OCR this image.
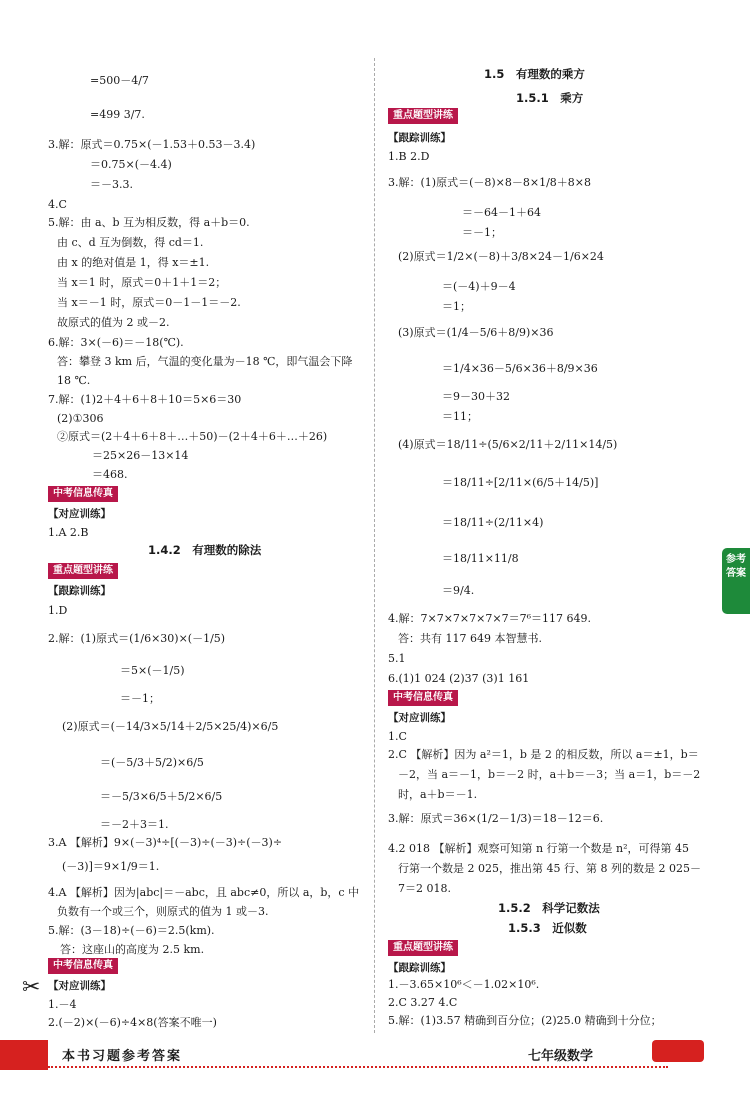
=500－4/7
=499 3/7.
3.解：原式＝0.75×(－1.53＋0.53－3.4)
＝0.75×(－4.4)
＝－3.3.
4.C
5.解：由 a、b 互为相反数，得 a＋b＝0.
由 c、d 互为倒数，得 cd＝1.
由 x 的绝对值是 1，得 x＝±1.
当 x＝1 时，原式＝0＋1＋1＝2；
当 x＝－1 时，原式＝0－1－1＝－2.
故原式的值为 2 或－2.
6.解：3×(－6)＝－18(℃).
答：攀登 3 km 后，气温的变化量为－18 ℃，即气温会下降
18 ℃.
7.解：(1)2＋4＋6＋8＋10＝5×6＝30
(2)①306
②原式＝(2＋4＋6＋8＋…＋50)－(2＋4＋6＋…＋26)
＝25×26－13×14
＝468.
1.A 2.B
1.D
2.解：(1)原式＝(1/6×30)×(－1/5)
＝5×(－1/5)
＝－1；
(2)原式＝(－14/3×5/14＋2/5×25/4)×6/5
＝(－5/3＋5/2)×6/5
＝－5/3×6/5＋5/2×6/5
＝－2＋3＝1.
3.A 【解析】9×(－3)⁴÷[(－3)÷(－3)÷(－3)÷
(－3)]＝9×1/9＝1.
4.A 【解析】因为|abc|＝－abc，且 abc≠0，所以 a，b，c 中
负数有一个或三个，则原式的值为 1 或－3.
5.解：(3－18)÷(－6)＝2.5(km).
答：这座山的高度为 2.5 km.
1.－4
2.(－2)×(－6)÷4×8(答案不唯一)
中考信息传真
【对应训练】
1.4.2　有理数的除法
重点题型讲练
【跟踪训练】
中考信息传真
【对应训练】
1.B 2.D
3.解：(1)原式＝(－8)×8－8×1/8＋8×8
＝－64－1＋64
＝－1；
(2)原式＝1/2×(－8)＋3/8×24－1/6×24
＝(－4)＋9－4
＝1；
(3)原式＝(1/4－5/6＋8/9)×36
＝1/4×36－5/6×36＋8/9×36
＝9－30＋32
＝11；
(4)原式＝18/11÷(5/6×2/11＋2/11×14/5)
＝18/11÷[2/11×(6/5＋14/5)]
＝18/11÷(2/11×4)
＝18/11×11/8
＝9/4.
4.解：7×7×7×7×7×7＝7⁶＝117 649.
答：共有 117 649 本智慧书.
5.1
6.(1)1 024 (2)37 (3)1 161
1.C
2.C 【解析】因为 a²＝1，b 是 2 的相反数，所以 a＝±1，b＝
－2，当 a＝－1，b＝－2 时，a＋b＝－3；当 a＝1，b＝－2
时，a＋b＝－1.
3.解：原式＝36×(1/2－1/3)＝18－12＝6.
4.2 018 【解析】观察可知第 n 行第一个数是 n²，可得第 45
行第一个数是 2 025，推出第 45 行、第 8 列的数是 2 025－
7＝2 018.
1.－3.65×10⁶＜－1.02×10⁶.
2.C 3.27 4.C
5.解：(1)3.57 精确到百分位；(2)25.0 精确到十分位；
1.5　有理数的乘方
1.5.1　乘方
重点题型讲练
【跟踪训练】
中考信息传真
【对应训练】
1.5.2　科学记数法
1.5.3　近似数
重点题型讲练
【跟踪训练】
参考答案
✂
本书习题参考答案	七年级数学
